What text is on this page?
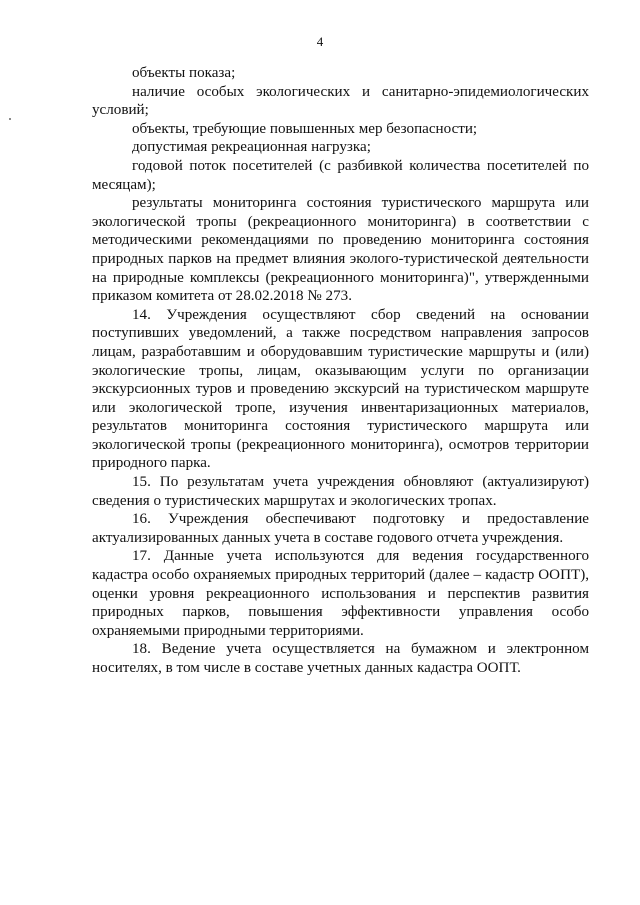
4

объекты показа;

наличие особых экологических и санитарно-эпидемиологических условий;

объекты, требующие повышенных мер безопасности;

допустимая рекреационная нагрузка;

годовой поток посетителей (с разбивкой количества посетителей по месяцам);

результаты мониторинга состояния туристического маршрута или экологической тропы (рекреационного мониторинга) в соответствии с методическими рекомендациями по проведению мониторинга состояния природных парков на предмет влияния эколого-туристической деятельности на природные комплексы (рекреационного мониторинга)", утвержденными приказом комитета от 28.02.2018 № 273.

14. Учреждения осуществляют сбор сведений на основании поступивших уведомлений, а также посредством направления запросов лицам, разработавшим и оборудовавшим туристические маршруты и (или) экологические тропы, лицам, оказывающим услуги по организации экскурсионных туров и проведению экскурсий на туристическом маршруте или экологической тропе, изучения инвентаризационных материалов, результатов мониторинга состояния туристического маршрута или экологической тропы (рекреационного мониторинга), осмотров территории природного парка.

15. По результатам учета учреждения обновляют (актуализируют) сведения о туристических маршрутах и экологических тропах.

16. Учреждения обеспечивают подготовку и предоставление актуализированных данных учета в составе годового отчета учреждения.

17. Данные учета используются для ведения государственного кадастра особо охраняемых природных территорий (далее – кадастр ООПТ), оценки уровня рекреационного использования и перспектив развития природных парков, повышения эффективности управления особо охраняемыми природными территориями.

18. Ведение учета осуществляется на бумажном и электронном носителях, в том числе в составе учетных данных кадастра ООПТ.
